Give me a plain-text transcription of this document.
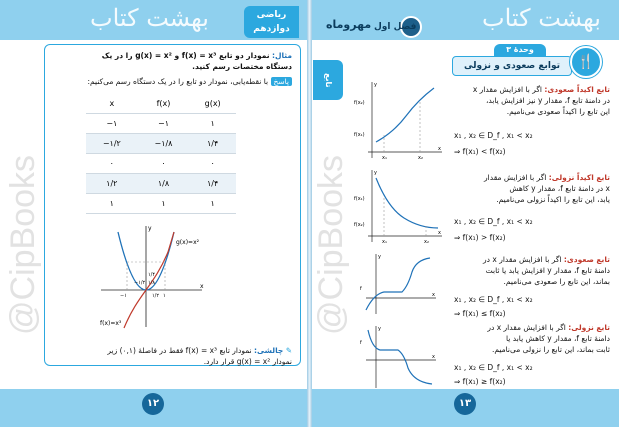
بهشت کتاب	ریاضی
دوازدهم
@CipBooks
مثال: نمودار دو تابع f(x) = x³ و g(x) = x² را در یک
دستگاه مختصات رسم کنید.
پاسخ با نقطه‌یابی، نمودار دو تابع را در یک دستگاه رسم می‌کنیم:
x	f(x)	g(x)
−۱	−۱	۱
−۱/۲	−۱/۸	۱/۴
۰	۰	۰
۱/۲	۱/۸	۱/۴
۱	۱	۱
g(x)=x²
f(x)=x³
x
y
۱
−۱
−۱/۲
۱/۲
۱/۴
۱/۸
✎ چالشی: نمودار تابع f(x) = x³ فقط در فاصلهٔ (۰,۱) زیر
نمودار g(x) = x² قرار دارد.
۱۲
بهشت کتاب
فصل اول
مهروماه
@CipBooks
۱۳
تابع
وحدهٔ ۳
توابع صعودی و نزولی	🍴
f(x₁)
f(x₂)
x₁	x₂
x
y	تابع اکیداً صعودی: اگر با افزایش مقدار x
در دامنهٔ تابع f، مقدار y نیز افزایش یابد،
این تابع را اکیداً صعودی می‌نامیم.
x₁ , x₂ ∈ D_f , x₁ < x₂
⇒ f(x₁) < f(x₂)
f(x₁)
f(x₂)
x₁	x₂
x
y	تابع اکیداً نزولی: اگر با افزایش مقدار
x در دامنهٔ تابع f، مقدار y کاهش
یابد، این تابع را اکیداً نزولی می‌نامیم.
x₁ , x₂ ∈ D_f , x₁ < x₂
⇒ f(x₁) > f(x₂)
f
x
y	تابع صعودی: اگر با افزایش مقدار x در
دامنهٔ تابع f، مقدار y افزایش یابد یا ثابت
بماند، این تابع را صعودی می‌نامیم.
x₁ , x₂ ∈ D_f , x₁ < x₂
⇒ f(x₁) ≤ f(x₂)
f
x
y	تابع نزولی: اگر با افزایش مقدار x در
دامنهٔ تابع f، مقدار y کاهش یابد یا
ثابت بماند، این تابع را نزولی می‌نامیم.
x₁ , x₂ ∈ D_f , x₁ < x₂
⇒ f(x₁) ≥ f(x₂)
